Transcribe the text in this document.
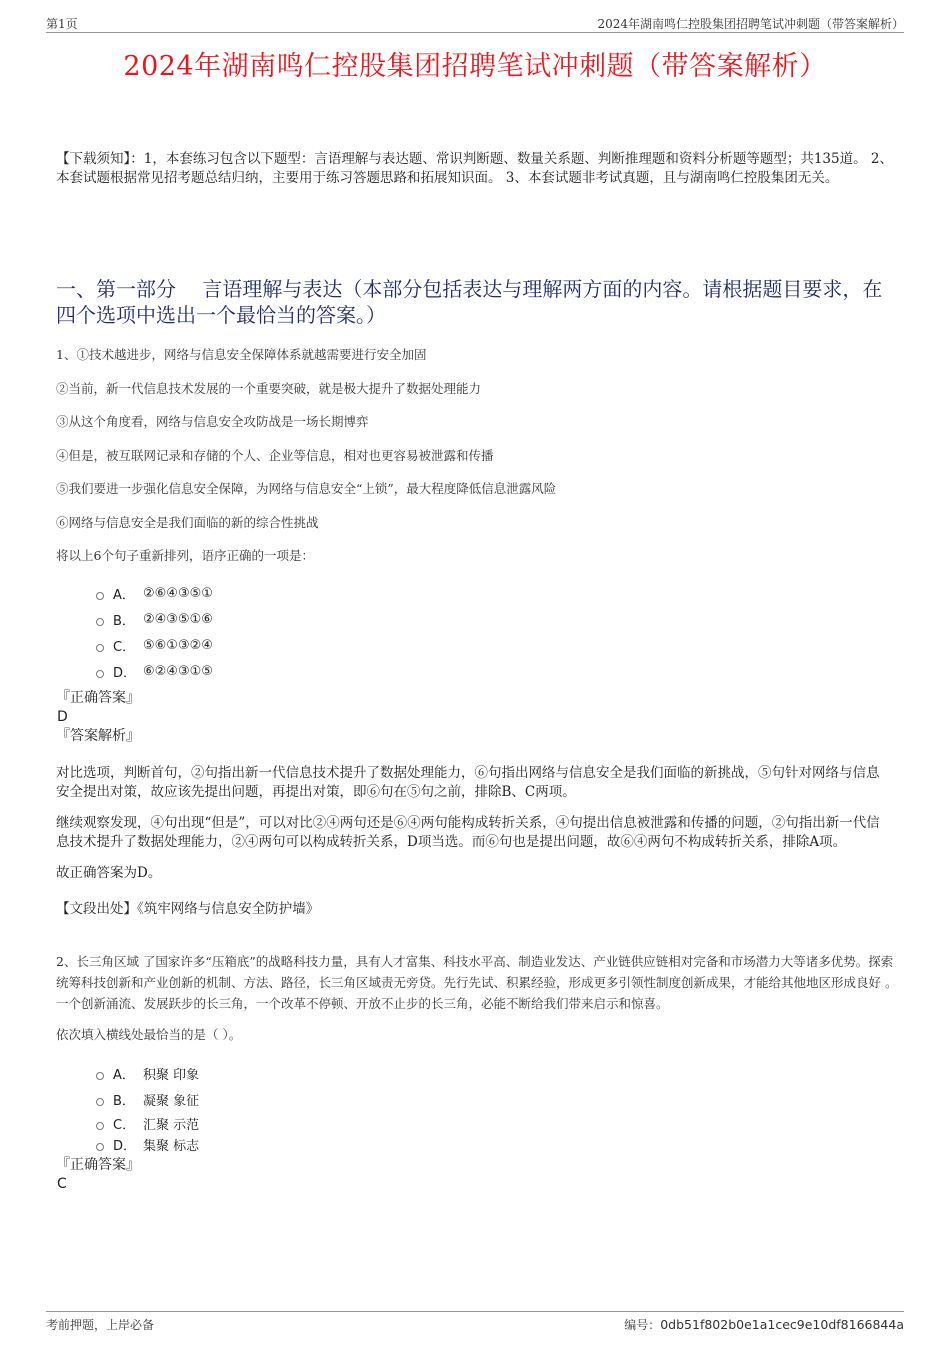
第1页	2024年湖南鸣仁控股集团招聘笔试冲刺题（带答案解析）
2024年湖南鸣仁控股集团招聘笔试冲刺题（带答案解析）
【下载须知】：1，本套练习包含以下题型：言语理解与表达题、常识判断题、数量关系题、判断推理题和资料分析题等题型；共135道。 2、本套试题根据常见招考题总结归纳，主要用于练习答题思路和拓展知识面。 3、本套试题非考试真题，且与湖南鸣仁控股集团无关。
一、第一部分　 言语理解与表达（本部分包括表达与理解两方面的内容。请根据题目要求，在四个选项中选出一个最恰当的答案。）
1、①技术越进步，网络与信息安全保障体系就越需要进行安全加固
②当前，新一代信息技术发展的一个重要突破，就是极大提升了数据处理能力
③从这个角度看，网络与信息安全攻防战是一场长期博弈
④但是，被互联网记录和存储的个人、企业等信息，相对也更容易被泄露和传播
⑤我们要进一步强化信息安全保障，为网络与信息安全“上锁”，最大程度降低信息泄露风险
⑥网络与信息安全是我们面临的新的综合性挑战
将以上6个句子重新排列，语序正确的一项是：
A． ②⑥④③⑤①
B． ②④③⑤①⑥
C． ⑤⑥①③②④
D． ⑥②④③①⑤
『正确答案』
D
『答案解析』
对比选项，判断首句，②句指出新一代信息技术提升了数据处理能力，⑥句指出网络与信息安全是我们面临的新挑战，⑤句针对网络与信息安全提出对策，故应该先提出问题，再提出对策，即⑥句在⑤句之前，排除B、C两项。
继续观察发现，④句出现“但是”，可以对比②④两句还是⑥④两句能构成转折关系，④句提出信息被泄露和传播的问题，②句指出新一代信息技术提升了数据处理能力，②④两句可以构成转折关系，D项当选。而⑥句也是提出问题，故⑥④两句不构成转折关系，排除A项。
故正确答案为D。
【文段出处】《筑牢网络与信息安全防护墙》
2、长三角区域 了国家许多“压箱底”的战略科技力量，具有人才富集、科技水平高、制造业发达、产业链供应链相对完备和市场潜力大等诸多优势。探索统筹科技创新和产业创新的机制、方法、路径，长三角区域责无旁贷。先行先试、积累经验，形成更多引领性制度创新成果，才能给其他地区形成良好 。一个创新涌流、发展跃步的长三角，一个改革不停顿、开放不止步的长三角，必能不断给我们带来启示和惊喜。
依次填入横线处最恰当的是（ ）。
A． 积聚 印象
B． 凝聚 象征
C． 汇聚 示范
D． 集聚 标志
『正确答案』
C
考前押题，上岸必备	编号：0db51f802b0e1a1cec9e10df8166844a
